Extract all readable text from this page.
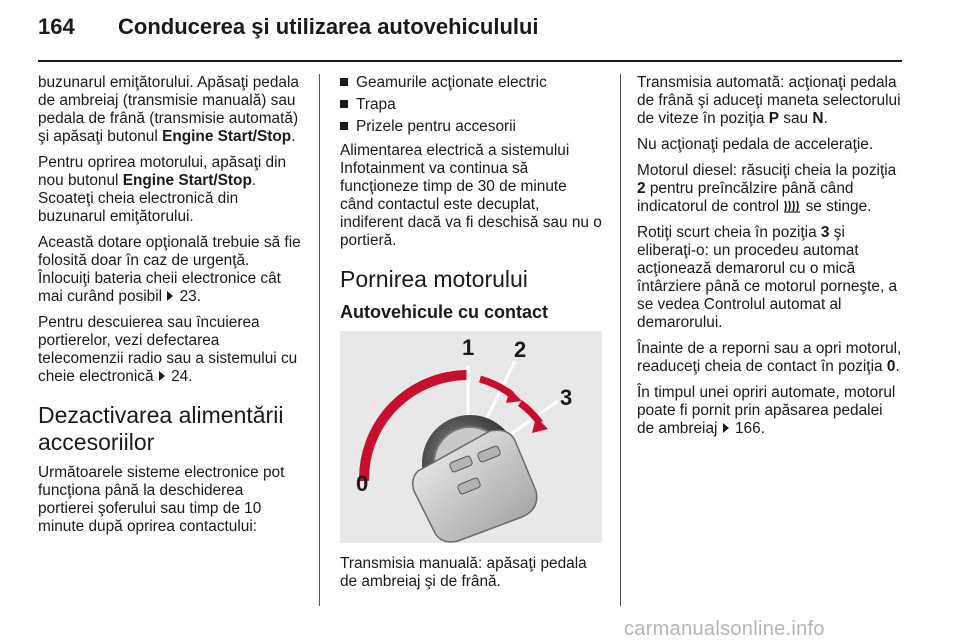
164 Conducerea şi utilizarea autovehiculului

buzunarul emiţătorului. Apăsaţi pedala de ambreiaj (transmisie manuală) sau pedala de frână (transmisie automată) şi apăsaţi butonul Engine Start/Stop.

Pentru oprirea motorului, apăsaţi din nou butonul Engine Start/Stop. Scoateţi cheia electronică din buzunarul emiţătorului.

Această dotare opţională trebuie să fie folosită doar în caz de urgenţă. Înlocuiţi bateria cheii electronice cât mai curând posibil  23.

Pentru descuierea sau încuierea portierelor, vezi defectarea telecomenzii radio sau a sistemului cu cheie electronică  24.

Dezactivarea alimentării accesoriilor

Următoarele sisteme electronice pot funcţiona până la deschiderea portierei şoferului sau timp de 10 minute după oprirea contactului:

Geamurile acţionate electric
Trapa
Prizele pentru accesorii

Alimentarea electrică a sistemului Infotainment va continua să funcţioneze timp de 30 de minute când contactul este decuplat, indiferent dacă va fi deschisă sau nu o portieră.

Pornirea motorului
Autovehicule cu contact
1 2
3
0

Transmisia manuală: apăsaţi pedala de ambreiaj şi de frână.

Transmisia automată: acţionaţi pedala de frână şi aduceţi maneta selectorului de viteze în poziţia P sau N.

Nu acţionaţi pedala de acceleraţie.

Motorul diesel: răsuciţi cheia la poziţia 2 pentru preîncălzire până când indicatorul de control  se stinge.

Rotiţi scurt cheia în poziţia 3 şi eliberaţi-o: un procedeu automat acţionează demarorul cu o mică întârziere până ce motorul porneşte, a se vedea Controlul automat al demarorului.

Înainte de a reporni sau a opri motorul, readuceţi cheia de contact în poziţia 0.

În timpul unei opriri automate, motorul poate fi pornit prin apăsarea pedalei de ambreiaj  166.

carmanualsonline.info
